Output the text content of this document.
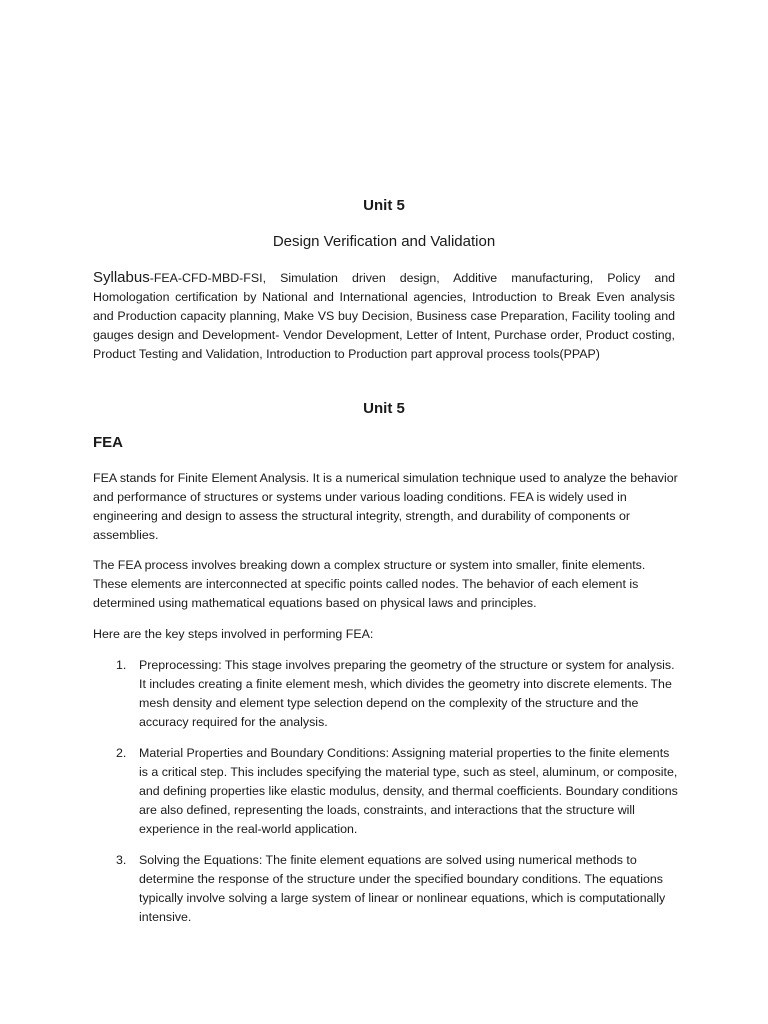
Unit 5
Design Verification and Validation
Syllabus-FEA-CFD-MBD-FSI, Simulation driven design, Additive manufacturing, Policy and Homologation certification by National and International agencies, Introduction to Break Even analysis and Production capacity planning, Make VS buy Decision, Business case Preparation, Facility tooling and gauges design and Development- Vendor Development, Letter of Intent, Purchase order, Product costing, Product Testing and Validation, Introduction to Production part approval process tools(PPAP)
Unit 5
FEA
FEA stands for Finite Element Analysis. It is a numerical simulation technique used to analyze the behavior and performance of structures or systems under various loading conditions. FEA is widely used in engineering and design to assess the structural integrity, strength, and durability of components or assemblies.
The FEA process involves breaking down a complex structure or system into smaller, finite elements. These elements are interconnected at specific points called nodes. The behavior of each element is determined using mathematical equations based on physical laws and principles.
Here are the key steps involved in performing FEA:
1. Preprocessing: This stage involves preparing the geometry of the structure or system for analysis. It includes creating a finite element mesh, which divides the geometry into discrete elements. The mesh density and element type selection depend on the complexity of the structure and the accuracy required for the analysis.
2. Material Properties and Boundary Conditions: Assigning material properties to the finite elements is a critical step. This includes specifying the material type, such as steel, aluminum, or composite, and defining properties like elastic modulus, density, and thermal coefficients. Boundary conditions are also defined, representing the loads, constraints, and interactions that the structure will experience in the real-world application.
3. Solving the Equations: The finite element equations are solved using numerical methods to determine the response of the structure under the specified boundary conditions. The equations typically involve solving a large system of linear or nonlinear equations, which is computationally intensive.
